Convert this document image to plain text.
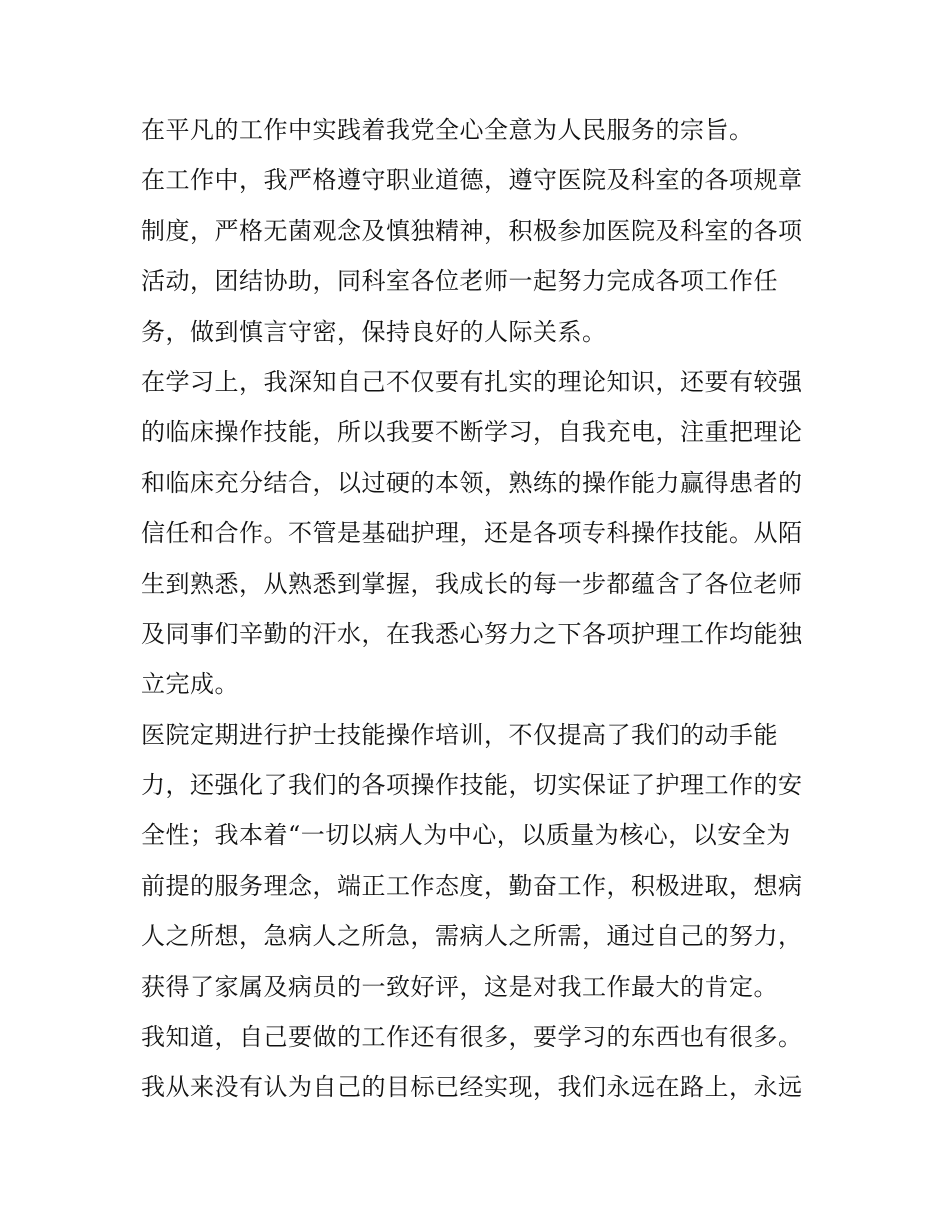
在平凡的工作中实践着我党全心全意为人民服务的宗旨。
在工作中，我严格遵守职业道德，遵守医院及科室的各项规章
制度，严格无菌观念及慎独精神，积极参加医院及科室的各项
活动，团结协助，同科室各位老师一起努力完成各项工作任
务，做到慎言守密，保持良好的人际关系。
在学习上，我深知自己不仅要有扎实的理论知识，还要有较强
的临床操作技能，所以我要不断学习，自我充电，注重把理论
和临床充分结合，以过硬的本领，熟练的操作能力赢得患者的
信任和合作。不管是基础护理，还是各项专科操作技能。从陌
生到熟悉，从熟悉到掌握，我成长的每一步都蕴含了各位老师
及同事们辛勤的汗水，在我悉心努力之下各项护理工作均能独
立完成。
医院定期进行护士技能操作培训，不仅提高了我们的动手能
力，还强化了我们的各项操作技能，切实保证了护理工作的安
全性；我本着“一切以病人为中心，以质量为核心，以安全为
前提的服务理念，端正工作态度，勤奋工作，积极进取，想病
人之所想，急病人之所急，需病人之所需，通过自己的努力，
获得了家属及病员的一致好评，这是对我工作最大的肯定。
我知道，自己要做的工作还有很多，要学习的东西也有很多。
我从来没有认为自己的目标已经实现，我们永远在路上，永远
